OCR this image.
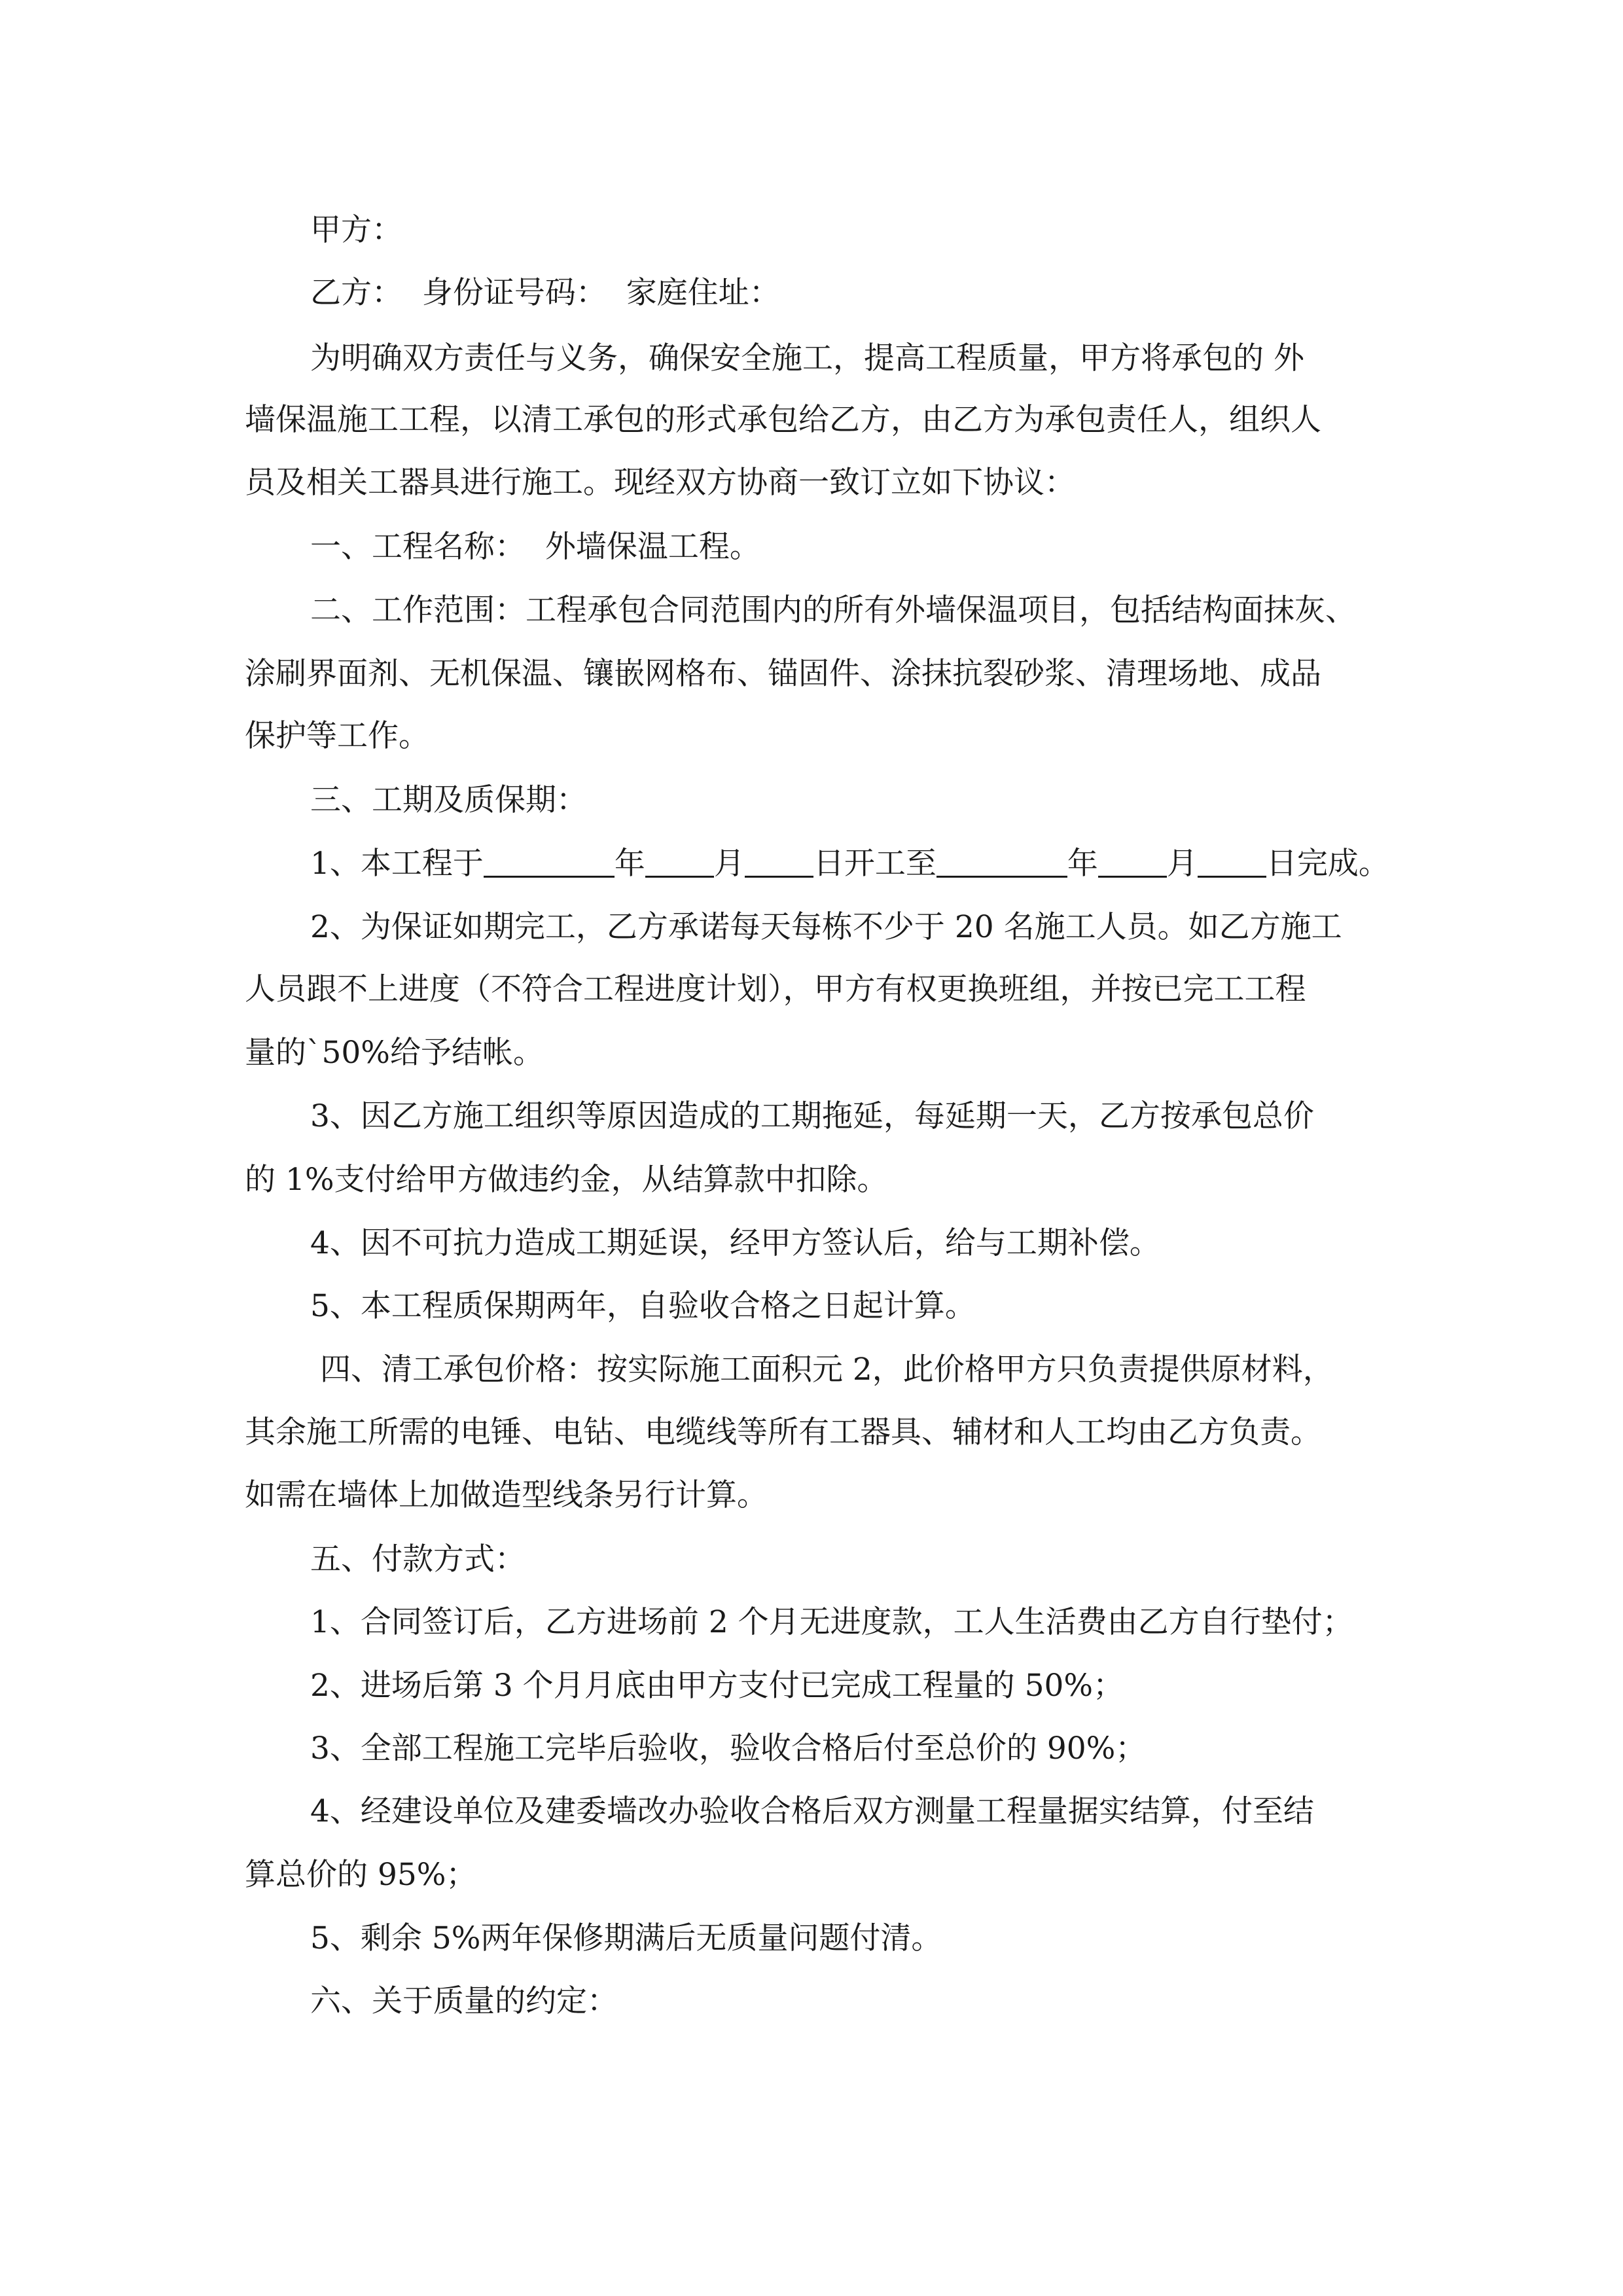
甲方：
乙方：  身份证号码：  家庭住址：
为明确双方责任与义务，确保安全施工，提高工程质量，甲方将承包的 外
墙保温施工工程，以清工承包的形式承包给乙方，由乙方为承包责任人，组织人
员及相关工器具进行施工。现经双方协商一致订立如下协议：
一、工程名称：  外墙保温工程。
二、工作范围：工程承包合同范围内的所有外墙保温项目，包括结构面抹灰、
涂刷界面剂、无机保温、镶嵌网格布、锚固件、涂抹抗裂砂浆、清理场地、成品
保护等工作。
三、工期及质保期：
1、本工程于	年 月 日开工至	年 月 日完成。
2、为保证如期完工，乙方承诺每天每栋不少于 20 名施工人员。如乙方施工
人员跟不上进度（不符合工程进度计划），甲方有权更换班组，并按已完工工程
量的`50%给予结帐。
3、因乙方施工组织等原因造成的工期拖延，每延期一天，乙方按承包总价
的 1%支付给甲方做违约金，从结算款中扣除。
4、因不可抗力造成工期延误，经甲方签认后，给与工期补偿。
5、本工程质保期两年，自验收合格之日起计算。
四、清工承包价格：按实际施工面积元 2，此价格甲方只负责提供原材料，
其余施工所需的电锤、电钻、电缆线等所有工器具、辅材和人工均由乙方负责。
如需在墙体上加做造型线条另行计算。
五、付款方式：
1、合同签订后，乙方进场前 2 个月无进度款，工人生活费由乙方自行垫付；
2、进场后第 3 个月月底由甲方支付已完成工程量的 50%；
3、全部工程施工完毕后验收，验收合格后付至总价的 90%；
4、经建设单位及建委墙改办验收合格后双方测量工程量据实结算，付至结
算总价的 95%；
5、剩余 5%两年保修期满后无质量问题付清。
六、关于质量的约定：
